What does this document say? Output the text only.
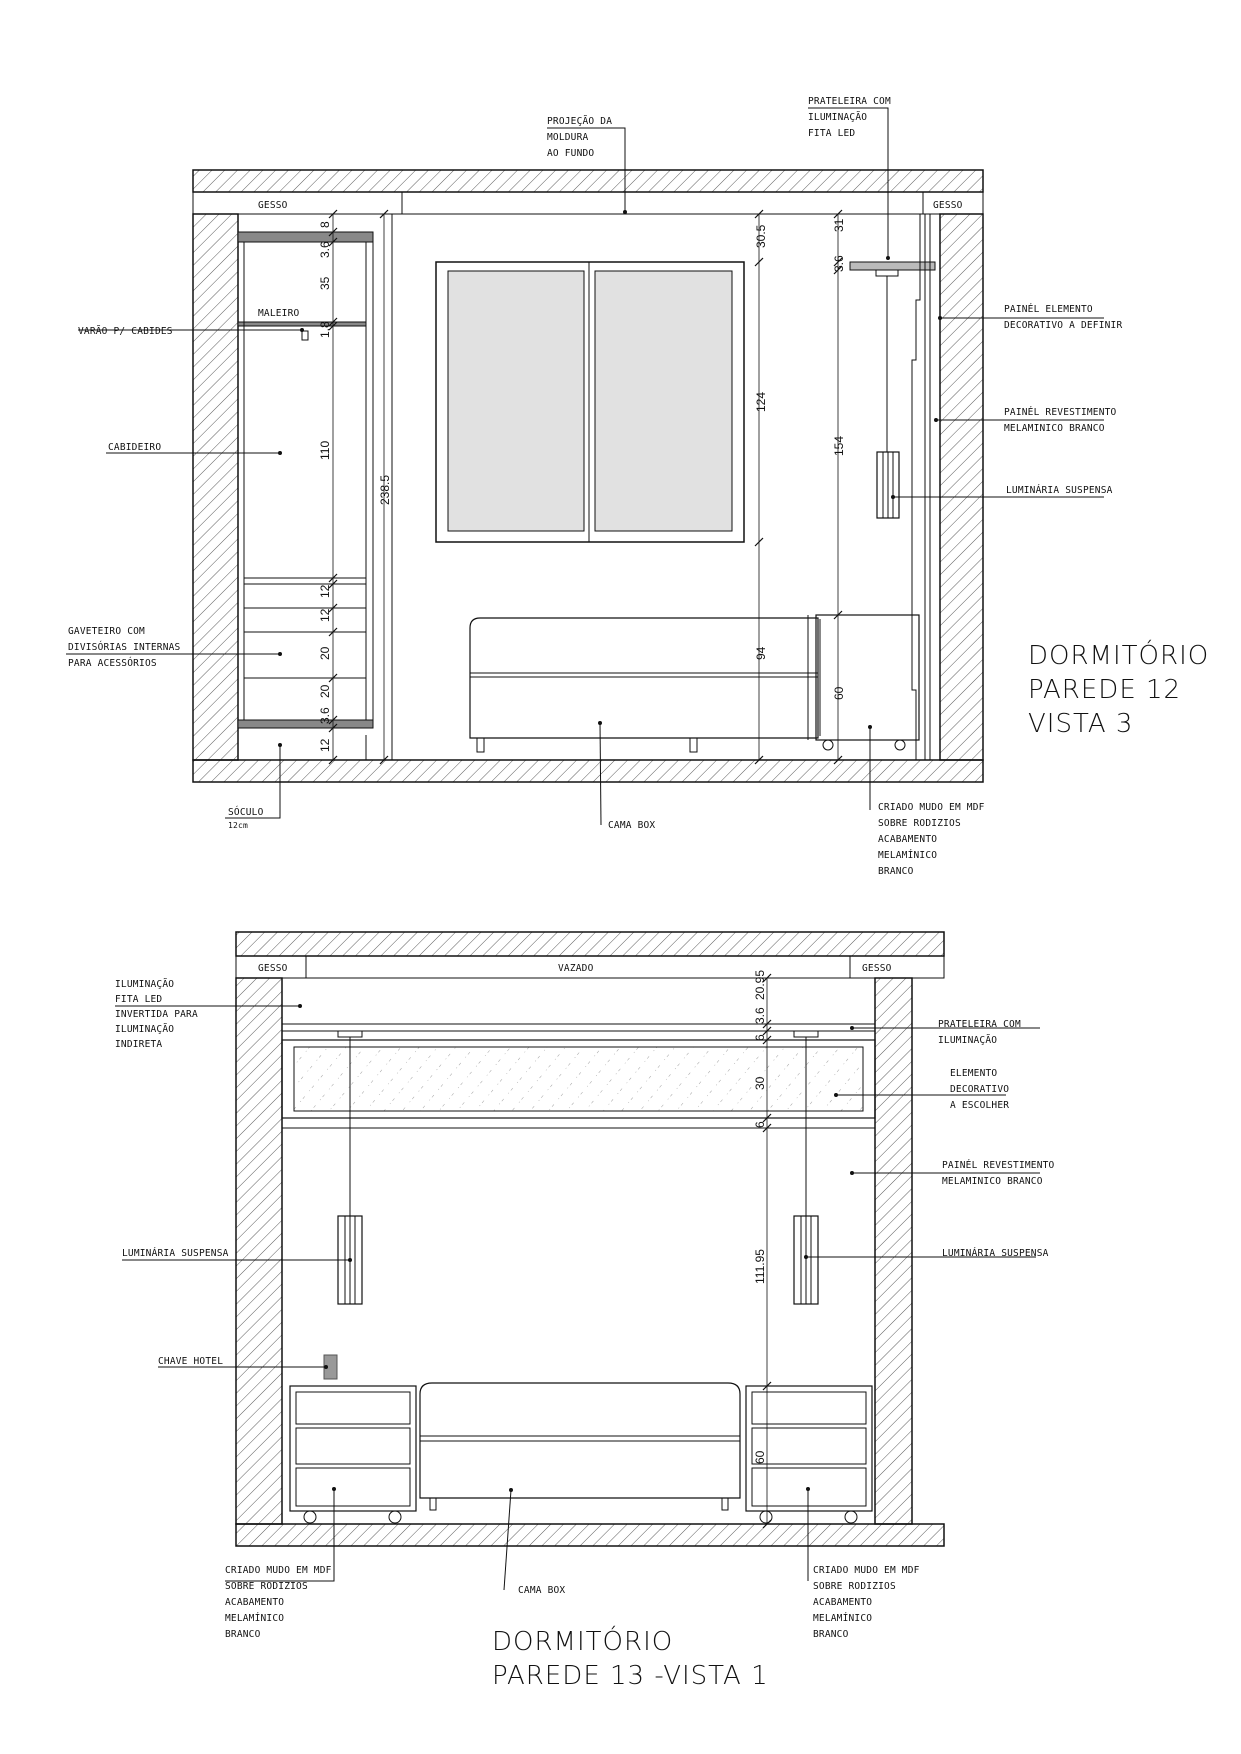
8
3.6
35
1.8
110
12
12
20
20
3.6
12
238.5
30.5
124
94
31
3.6
154
60
PROJEÇÃO DA MOLDURA AO FUNDO
PRATELEIRA COM ILUMINAÇÃO FITA LED
GESSO	GESSO
MALEIRO
VARÃO P/ CABIDES
PAINÉL ELEMENTO DECORATIVO A DEFINIR
PAINÉL REVESTIMENTO MELAMINICO BRANCO
CABIDEIRO
LUMINÁRIA SUSPENSA
GAVETEIRO COM DIVISÓRIAS INTERNAS PARA ACESSÓRIOS
SÓCULO 12cm	CAMA BOX
CRIADO MUDO EM MDF SOBRE RODIZIOS ACABAMENTO MELAMÍNICO BRANCO
DORMITÓRIO PAREDE 12 VISTA 3
20.95
3.6
6
30
6
111.95
60
GESSO	VAZADO	GESSO
ILUMINAÇÃO FITA LED INVERTIDA PARA ILUMINAÇÃO INDIRETA
PRATELEIRA COM ILUMINAÇÃO
ELEMENTO DECORATIVO A ESCOLHER
PAINÉL REVESTIMENTO MELAMINICO BRANCO
LUMINÁRIA SUSPENSA	LUMINÁRIA SUSPENSA
CHAVE HOTEL
CRIADO MUDO EM MDF SOBRE RODIZIOS ACABAMENTO MELAMÍNICO BRANCO
CAMA BOX
CRIADO MUDO EM MDF SOBRE RODIZIOS ACABAMENTO MELAMÍNICO BRANCO
DORMITÓRIO PAREDE 13 -VISTA 1
